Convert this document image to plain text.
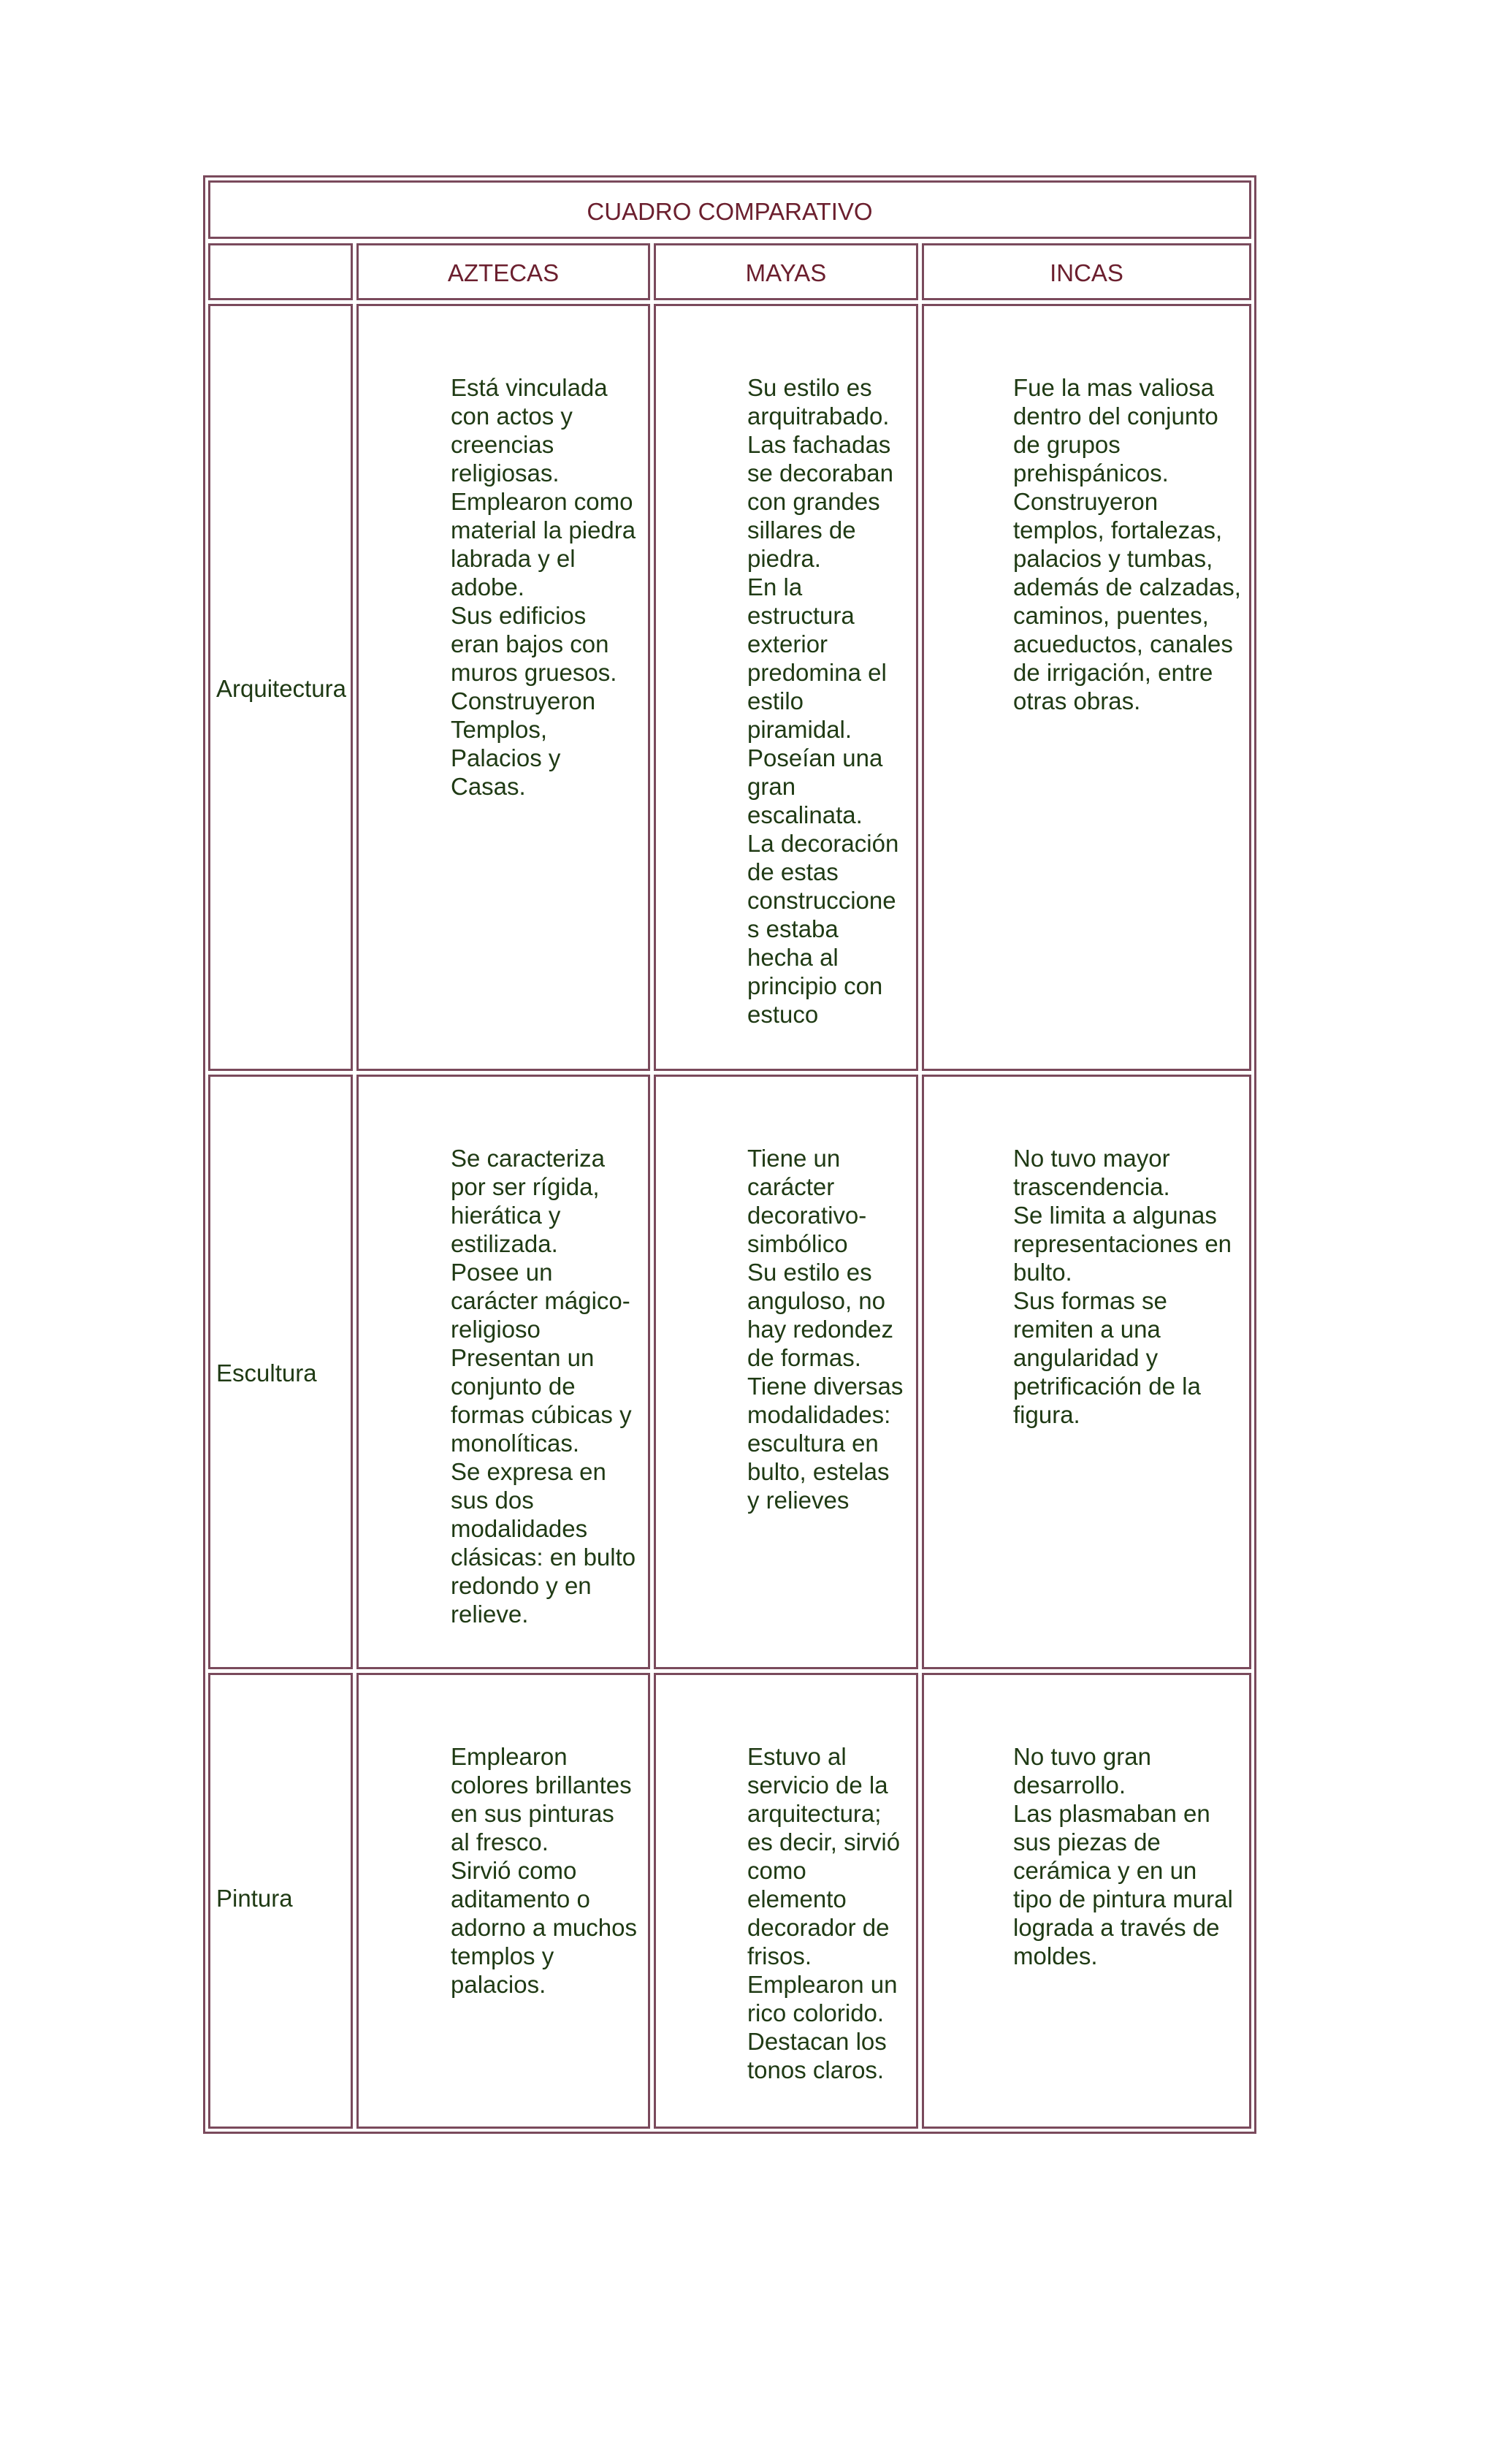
CUADRO COMPARATIVO
AZTECAS	MAYAS	INCAS
Arquitectura
Está vinculada
con actos y
creencias
religiosas.
Emplearon como
material la piedra
labrada y el
adobe.
Sus edificios
eran bajos con
muros gruesos.
Construyeron
Templos,
Palacios y
Casas.
Su estilo es
arquitrabado.
Las fachadas
se decoraban
con grandes
sillares de
piedra.
En la
estructura
exterior
predomina el
estilo
piramidal.
Poseían una
gran
escalinata.
La decoración
de estas
construccione
s estaba
hecha al
principio con
estuco
Fue la mas valiosa
dentro del conjunto
de grupos
prehispánicos.
Construyeron
templos, fortalezas,
palacios y tumbas,
además de calzadas,
caminos, puentes,
acueductos, canales
de irrigación, entre
otras obras.
Escultura
Se caracteriza
por ser rígida,
hierática y
estilizada.
Posee un
carácter mágico-
religioso
Presentan un
conjunto de
formas cúbicas y
monolíticas.
Se expresa en
sus dos
modalidades
clásicas: en bulto
redondo y en
relieve.
Tiene un
carácter
decorativo-
simbólico
Su estilo es
anguloso, no
hay redondez
de formas.
Tiene diversas
modalidades:
escultura en
bulto, estelas
y relieves
No tuvo mayor
trascendencia.
Se limita a algunas
representaciones en
bulto.
Sus formas se
remiten a una
angularidad y
petrificación de la
figura.
Pintura
Emplearon
colores brillantes
en sus pinturas
al fresco.
Sirvió como
aditamento o
adorno a muchos
templos y
palacios.
Estuvo al
servicio de la
arquitectura;
es decir, sirvió
como
elemento
decorador de
frisos.
Emplearon un
rico colorido.
Destacan los
tonos claros.
No tuvo gran
desarrollo.
Las plasmaban en
sus piezas de
cerámica y en un
tipo de pintura mural
lograda a través de
moldes.
